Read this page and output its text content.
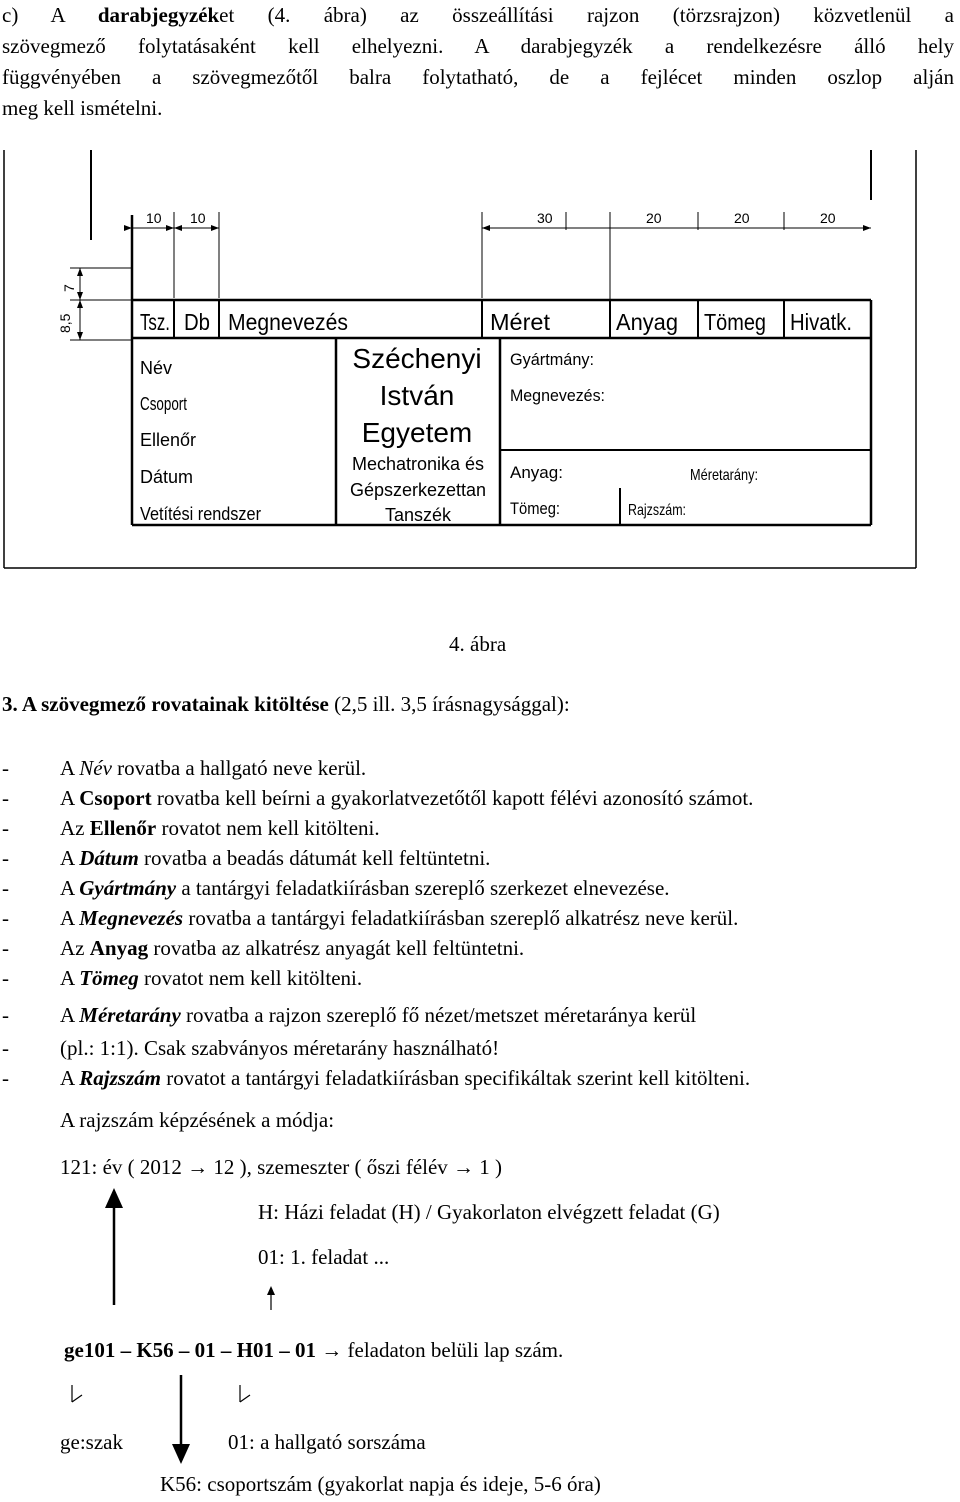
c) A darabjegyzéket (4. ábra) az összeállítási rajzon (törzsrajzon) közvetlenül a
szövegmező folytatásaként kell elhelyezni. A darabjegyzék a rendelkezésre álló hely
függvényében a szövegmezőtől balra folytatható, de a fejlécet minden oszlop alján
meg kell ismételni.
10 10	30	20	20	20
7
8,5	Tsz. Db Megnevezés	Méret	Anyag Tömeg Hivatk.
Név
Csoport
Ellenőr
Dátum
Vetítési rendszer
Széchenyi
István
Egyetem
Mechatronika és
Gépszerkezettan
Tanszék
Gyártmány:
Megnevezés:
Anyag:	Méretarány:
Tömeg:	Rajzszám:
4. ábra
3. A szövegmező rovatainak kitöltése (2,5 ill. 3,5 írásnagysággal):
- A Név rovatba a hallgató neve kerül.
- A Csoport rovatba kell beírni a gyakorlatvezetőtől kapott félévi azonosító számot.
- Az Ellenőr rovatot nem kell kitölteni.
- A Dátum rovatba a beadás dátumát kell feltüntetni.
- A Gyártmány a tantárgyi feladatkiírásban szereplő szerkezet elnevezése.
- A Megnevezés rovatba a tantárgyi feladatkiírásban szereplő alkatrész neve kerül.
- Az Anyag rovatba az alkatrész anyagát kell feltüntetni.
- A Tömeg rovatot nem kell kitölteni.
- A Méretarány rovatba a rajzon szereplő fő nézet/metszet méretaránya kerül
- (pl.: 1:1). Csak szabványos méretarány használható!
- A Rajzszám rovatot a tantárgyi feladatkiírásban specifikáltak szerint kell kitölteni.
A rajzszám képzésének a módja:
121: év ( 2012 → 12 ), szemeszter ( őszi félév → 1 )
H: Házi feladat (H) / Gyakorlaton elvégzett feladat (G)
01: 1. feladat ...
ge101 – K56 – 01 – H01 – 01 → feladaton belüli lap szám.
ge:szak	01: a hallgató sorszáma
K56: csoportszám (gyakorlat napja és ideje, 5-6 óra)
